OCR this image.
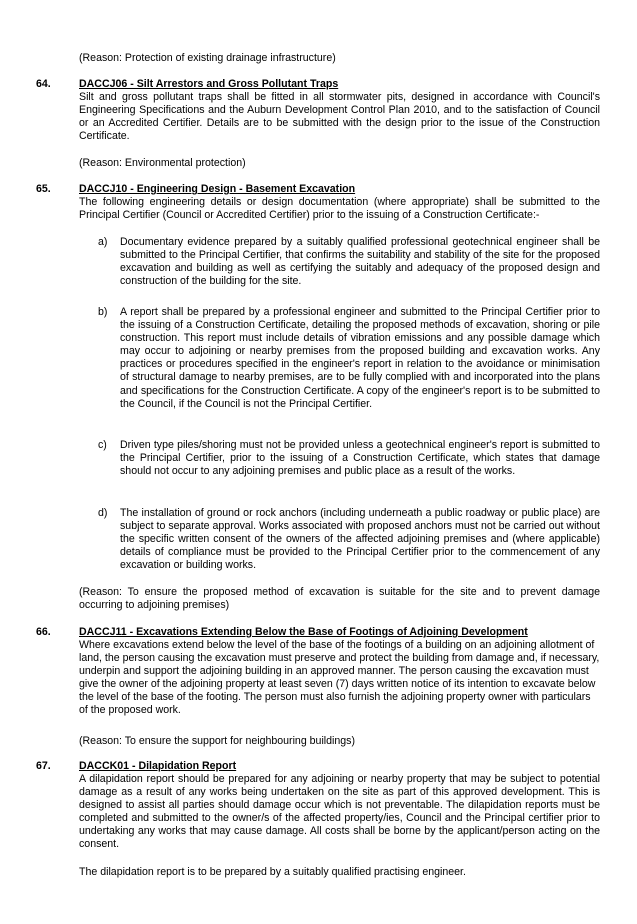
(Reason: Protection of existing drainage infrastructure)

64.	DACCJ06 - Silt Arrestors and Gross Pollutant Traps

Silt and gross pollutant traps shall be fitted in all stormwater pits, designed in accordance with Council's Engineering Specifications and the Auburn Development Control Plan 2010, and to the satisfaction of Council or an Accredited Certifier. Details are to be submitted with the design prior to the issue of the Construction Certificate.

(Reason: Environmental protection)

65.	DACCJ10 - Engineering Design - Basement Excavation

The following engineering details or design documentation (where appropriate) shall be submitted to the Principal Certifier (Council or Accredited Certifier) prior to the issuing of a Construction Certificate:-

a) Documentary evidence prepared by a suitably qualified professional geotechnical engineer shall be submitted to the Principal Certifier, that confirms the suitability and stability of the site for the proposed excavation and building as well as certifying the suitably and adequacy of the proposed design and construction of the building for the site.
b) A report shall be prepared by a professional engineer and submitted to the Principal Certifier prior to the issuing of a Construction Certificate, detailing the proposed methods of excavation, shoring or pile construction. This report must include details of vibration emissions and any possible damage which may occur to adjoining or nearby premises from the proposed building and excavation works. Any practices or procedures specified in the engineer's report in relation to the avoidance or minimisation of structural damage to nearby premises, are to be fully complied with and incorporated into the plans and specifications for the Construction Certificate. A copy of the engineer's report is to be submitted to the Council, if the Council is not the Principal Certifier.
c) Driven type piles/shoring must not be provided unless a geotechnical engineer's report is submitted to the Principal Certifier, prior to the issuing of a Construction Certificate, which states that damage should not occur to any adjoining premises and public place as a result of the works.
d) The installation of ground or rock anchors (including underneath a public roadway or public place) are subject to separate approval. Works associated with proposed anchors must not be carried out without the specific written consent of the owners of the affected adjoining premises and (where applicable) details of compliance must be provided to the Principal Certifier prior to the commencement of any excavation or building works.

(Reason: To ensure the proposed method of excavation is suitable for the site and to prevent damage occurring to adjoining premises)

66.	DACCJ11 - Excavations Extending Below the Base of Footings of Adjoining Development

Where excavations extend below the level of the base of the footings of a building on an adjoining allotment of land, the person causing the excavation must preserve and protect the building from damage and, if necessary, underpin and support the adjoining building in an approved manner. The person causing the excavation must give the owner of the adjoining property at least seven (7) days written notice of its intention to excavate below the level of the base of the footing. The person must also furnish the adjoining property owner with particulars of the proposed work.

(Reason: To ensure the support for neighbouring buildings)

67.	DACCK01 - Dilapidation Report

A dilapidation report should be prepared for any adjoining or nearby property that may be subject to potential damage as a result of any works being undertaken on the site as part of this approved development. This is designed to assist all parties should damage occur which is not preventable. The dilapidation reports must be completed and submitted to the owner/s of the affected property/ies, Council and the Principal certifier prior to undertaking any works that may cause damage. All costs shall be borne by the applicant/person acting on the consent.

The dilapidation report is to be prepared by a suitably qualified practising engineer.
